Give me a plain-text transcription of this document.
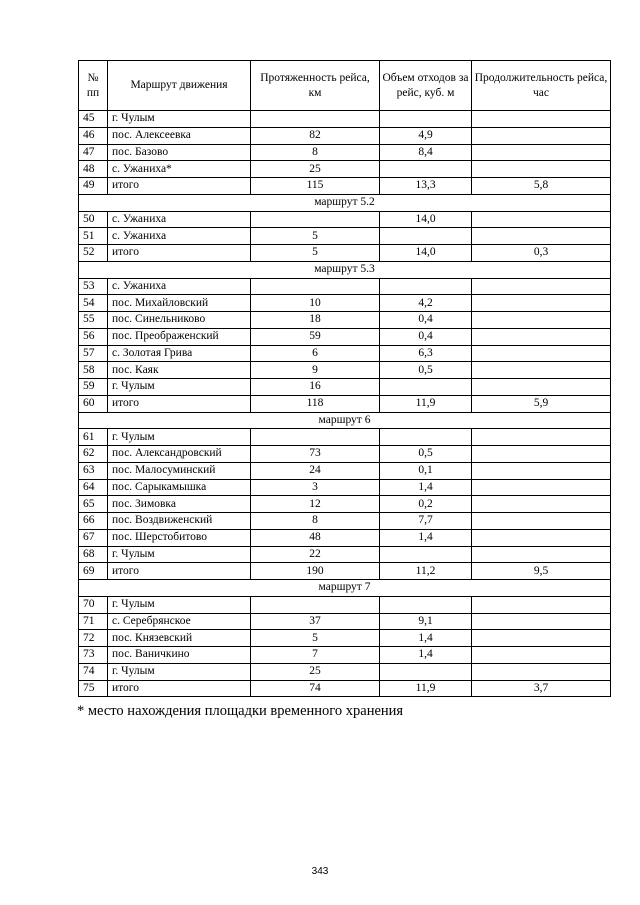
№ пп	Маршрут движения	Протяженность рейса, км	Объем отходов за рейс, куб. м	Продолжительность рейса, час
45	г. Чулым			
46	пос. Алексеевка	82	4,9	
47	пос. Базово	8	8,4	
48	с. Ужаниха*	25		
49	итого	115	13,3	5,8
маршрут 5.2				
50	с. Ужаниха		14,0	
51	с. Ужаниха	5		
52	итого	5	14,0	0,3
маршрут 5.3				
53	с. Ужаниха			
54	пос. Михайловский	10	4,2	
55	пос. Синельниково	18	0,4	
56	пос. Преображенский	59	0,4	
57	с. Золотая Грива	6	6,3	
58	пос. Каяк	9	0,5	
59	г. Чулым	16		
60	итого	118	11,9	5,9
маршрут 6				
61	г. Чулым			
62	пос. Александровский	73	0,5	
63	пос. Малосуминский	24	0,1	
64	пос. Сарыкамышка	3	1,4	
65	пос. Зимовка	12	0,2	
66	пос. Воздвиженский	8	7,7	
67	пос. Шерстобитово	48	1,4	
68	г. Чулым	22		
69	итого	190	11,2	9,5
маршрут 7				
70	г. Чулым			
71	с. Серебрянское	37	9,1	
72	пос. Князевский	5	1,4	
73	пос. Ваничкино	7	1,4	
74	г. Чулым	25		
75	итого	74	11,9	3,7
* место нахождения площадки временного хранения
343
